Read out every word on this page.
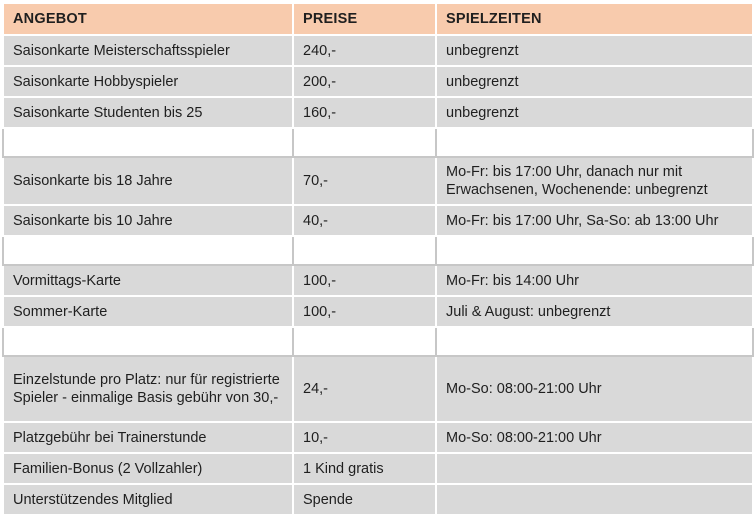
ANGEBOT	PREISE	SPIELZEITEN
Saisonkarte Meisterschaftsspieler	240,-	unbegrenzt
Saisonkarte Hobbyspieler	200,-	unbegrenzt
Saisonkarte Studenten bis 25	160,-	unbegrenzt

Saisonkarte bis 18 Jahre	70,-	Mo-Fr: bis 17:00 Uhr, danach nur mit Erwachsenen, Wochenende: unbegrenzt
Saisonkarte bis 10 Jahre	40,-	Mo-Fr: bis 17:00 Uhr, Sa-So: ab 13:00 Uhr

Vormittags-Karte	100,-	Mo-Fr: bis 14:00 Uhr
Sommer-Karte	100,-	Juli & August: unbegrenzt

Einzelstunde pro Platz: nur für registrierte Spieler - einmalige Basis gebühr von 30,-	24,-	Mo-So: 08:00-21:00 Uhr
Platzgebühr bei Trainerstunde	10,-	Mo-So: 08:00-21:00 Uhr
Familien-Bonus (2 Vollzahler)	1 Kind gratis	
Unterstützendes Mitglied	Spende	
